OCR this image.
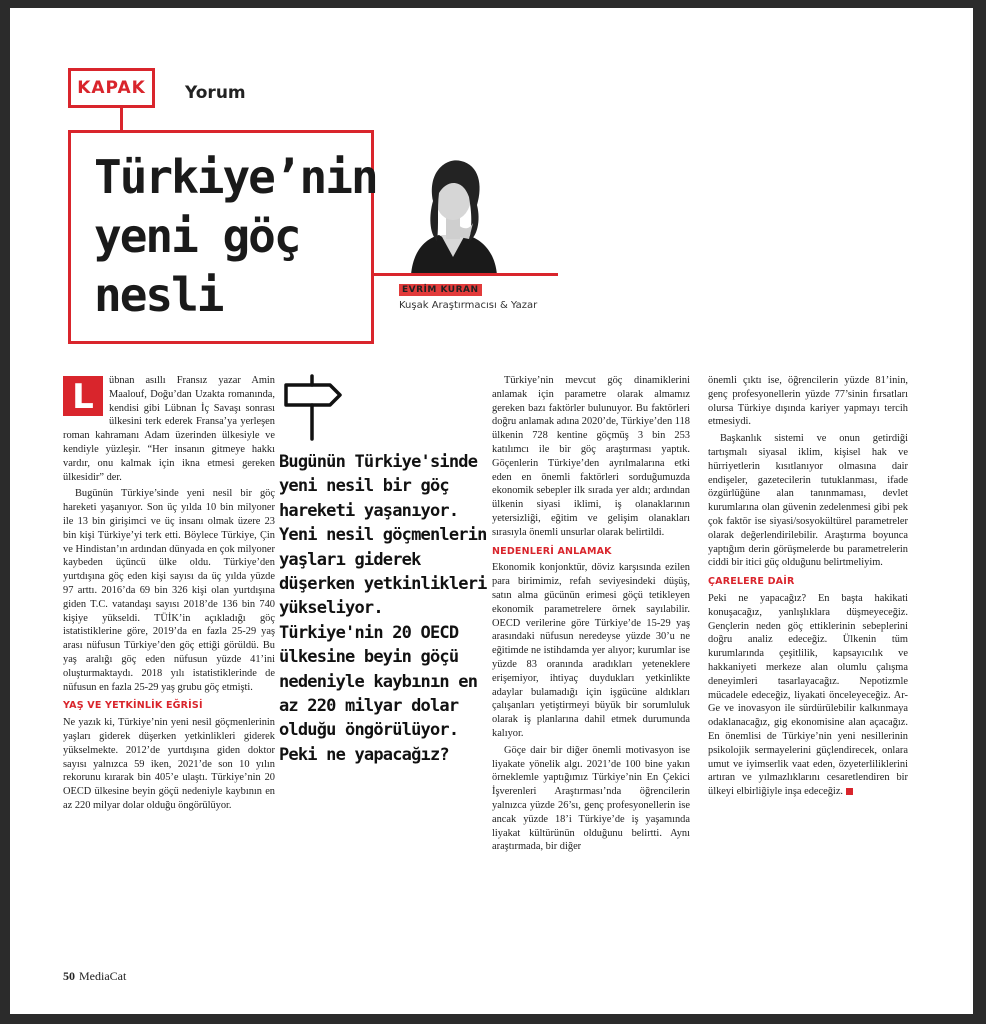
KAPAK	Yorum
Türkiye’nin
yeni göç
nesli	EVRİM KURAN
Kuşak Araştırmacısı & Yazar

L	übnan asıllı Fransız yazar Amin Maalouf, Doğu’dan Uzakta romanında, kendisi gibi Lübnan İç Savaşı sonrası ülkesini terk ederek Fransa’ya yerleşen roman kahramanı Adam üzerinden ülkesiyle ve kendiyle yüzleşir. “Her insanın gitmeye hakkı vardır, onu kalmak için ikna etmesi gereken ülkesidir” der.

Bugünün Türkiye’sinde yeni nesil bir göç hareketi yaşanıyor. Son üç yılda 10 bin milyoner ile 13 bin girişimci ve üç insanı olmak üzere 23 bin kişi Türkiye’yi terk etti. Böylece Türkiye, Çin ve Hindistan’ın ardından dünyada en çok milyoner kaybeden üçüncü ülke oldu. Türkiye’den yurtdışına göç eden kişi sayısı da üç yılda yüzde 97 arttı. 2016’da 69 bin 326 kişi olan yurtdışına giden T.C. vatandaşı sayısı 2018’de 136 bin 740 kişiye yükseldi. TÜİK’in açıkladığı göç istatistiklerine göre, 2019’da en fazla 25-29 yaş arası nüfusun Türkiye’den göç ettiği görüldü. Bu yaş aralığı göç eden nüfusun yüzde 41’ini oluşturmaktaydı. 2018 yılı istatistiklerinde de nüfusun en fazla 25-29 yaş grubu göç etmişti.

YAŞ VE YETKİNLİK EĞRİSİ

Ne yazık ki, Türkiye’nin yeni nesil göçmenlerinin yaşları giderek düşerken yetkinlikleri giderek yükselmekte. 2012’de yurtdışına giden doktor sayısı yalnızca 59 iken, 2021’de son 10 yılın rekorunu kırarak bin 405’e ulaştı. Türkiye’nin 20 OECD ülkesine beyin göçü nedeniyle kaybının en az 220 milyar dolar olduğu öngörülüyor.

Bugünün Türkiye'sinde yeni nesil bir göç hareketi yaşanıyor. Yeni nesil göçmenlerin yaşları giderek düşerken yetkinlikleri yükseliyor. Türkiye'nin 20 OECD ülkesine beyin göçü nedeniyle kaybının en az 220 milyar dolar olduğu öngörülüyor. Peki ne yapacağız?

Türkiye’nin mevcut göç dinamiklerini anlamak için parametre olarak almamız gereken bazı faktörler bulunuyor. Bu faktörleri doğru anlamak adına 2020’de, Türkiye’den 118 ülkenin 728 kentine göçmüş 3 bin 253 katılımcı ile bir göç araştırması yaptık. Göçenlerin Türkiye’den ayrılmalarına etki eden en önemli faktörleri sorduğumuzda ekonomik sebepler ilk sırada yer aldı; ardından ülkenin siyasi iklimi, iş olanaklarının yetersizliği, eğitim ve gelişim olanakları sırasıyla önemli unsurlar olarak belirtildi.

NEDENLERİ ANLAMAK

Ekonomik konjonktür, döviz karşısında ezilen para birimimiz, refah seviyesindeki düşüş, satın alma gücünün erimesi göçü tetikleyen ekonomik parametrelere örnek sayılabilir. OECD verilerine göre Türkiye’de 15-29 yaş arasındaki nüfusun neredeyse yüzde 30’u ne eğitimde ne istihdamda yer alıyor; kurumlar ise yüzde 83 oranında aradıkları yeteneklere erişemiyor, ihtiyaç duydukları yetkinlikte adaylar bulamadığı için işgücüne aldıkları çalışanları yetiştirmeyi büyük bir sorumluluk olarak iş planlarına dahil etmek durumunda kalıyor.

Göçe dair bir diğer önemli motivasyon ise liyakate yönelik algı. 2021’de 100 bine yakın örneklemle yaptığımız Türkiye’nin En Çekici İşverenleri Araştırması’nda öğrencilerin yalnızca yüzde 26’sı, genç profesyonellerin ise ancak yüzde 18’i Türkiye’de iş yaşamında liyakat kültürünün olduğunu belirtti. Aynı araştırmada, bir diğer

önemli çıktı ise, öğrencilerin yüzde 81’inin, genç profesyonellerin yüzde 77’sinin fırsatları olursa Türkiye dışında kariyer yapmayı tercih etmesiydi.

Başkanlık sistemi ve onun getirdiği tartışmalı siyasal iklim, kişisel hak ve hürriyetlerin kısıtlanıyor olmasına dair endişeler, gazetecilerin tutuklanması, ifade özgürlüğüne alan tanınmaması, devlet kurumlarına olan güvenin zedelenmesi gibi pek çok faktör ise siyasi/sosyokültürel parametreler olarak değerlendirilebilir. Araştırma boyunca yaptığım derin görüşmelerde bu parametrelerin ciddi bir itici güç olduğunu belirtmeliyim.

ÇARELERE DAİR

Peki ne yapacağız? En başta hakikati konuşacağız, yanlışlıklara düşmeyeceğiz. Gençlerin neden göç ettiklerinin sebeplerini doğru analiz edeceğiz. Ülkenin tüm kurumlarında çeşitlilik, kapsayıcılık ve hakkaniyeti merkeze alan olumlu çalışma deneyimleri tasarlayacağız. Nepotizmle mücadele edeceğiz, liyakati önceleyeceğiz. Ar-Ge ve inovasyon ile sürdürülebilir kalkınmaya odaklanacağız, gig ekonomisine alan açacağız. En önemlisi de Türkiye’nin yeni nesillerinin psikolojik sermayelerini güçlendirecek, onlara umut ve iyimserlik vaat eden, özyeterliliklerini artıran ve yılmazlıklarını cesaretlendiren bir ülkeyi elbirliğiyle inşa edeceğiz.

50 MediaCat
